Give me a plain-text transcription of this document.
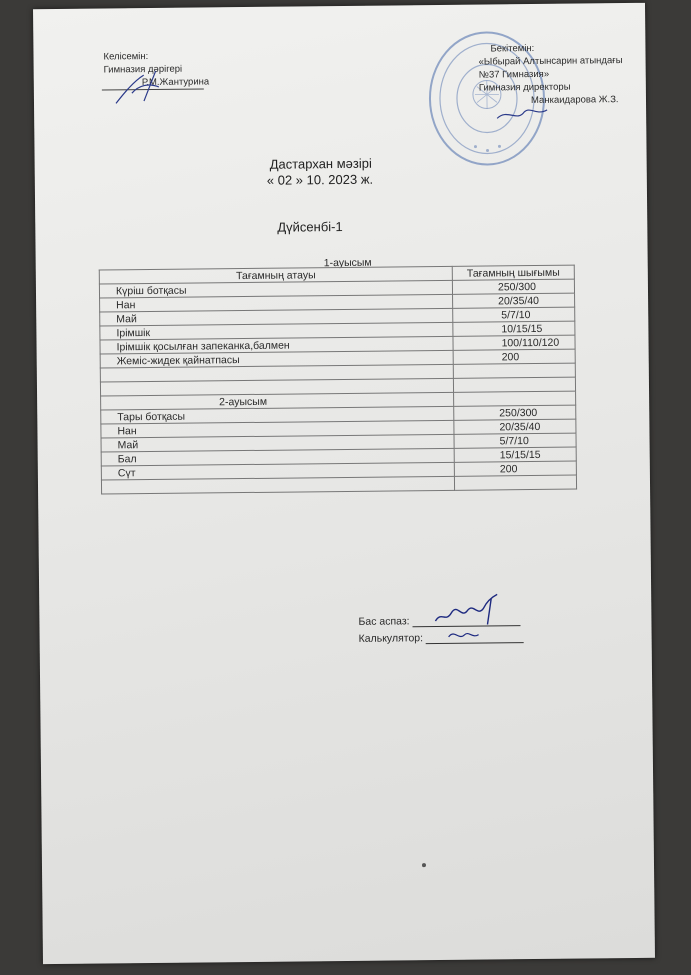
Келісемін:
Гимназия дәрігері
Р.М.Жантурина
Бекітемін:
«Ыбырай Алтынсарин атындағы
№37 Гимназия»
Гимназия директоры
Манкаидарова Ж.З.
Дастархан мәзірі
« 02 » 10. 2023 ж.
Дүйсенбі-1
1-ауысым
Тағамның атауы	Тағамның шығымы
Күріш ботқасы	250/300
Нан	20/35/40
Май	5/7/10
Ірімшік	10/15/15
Ірімшік қосылған запеканка,балмен	100/110/120
Жеміс-жидек қайнатпасы	200

2-ауысым	
Тары ботқасы	250/300
Нан	20/35/40
Май	5/7/10
Бал	15/15/15
Сүт	200

Бас аспаз:
Калькулятор:
